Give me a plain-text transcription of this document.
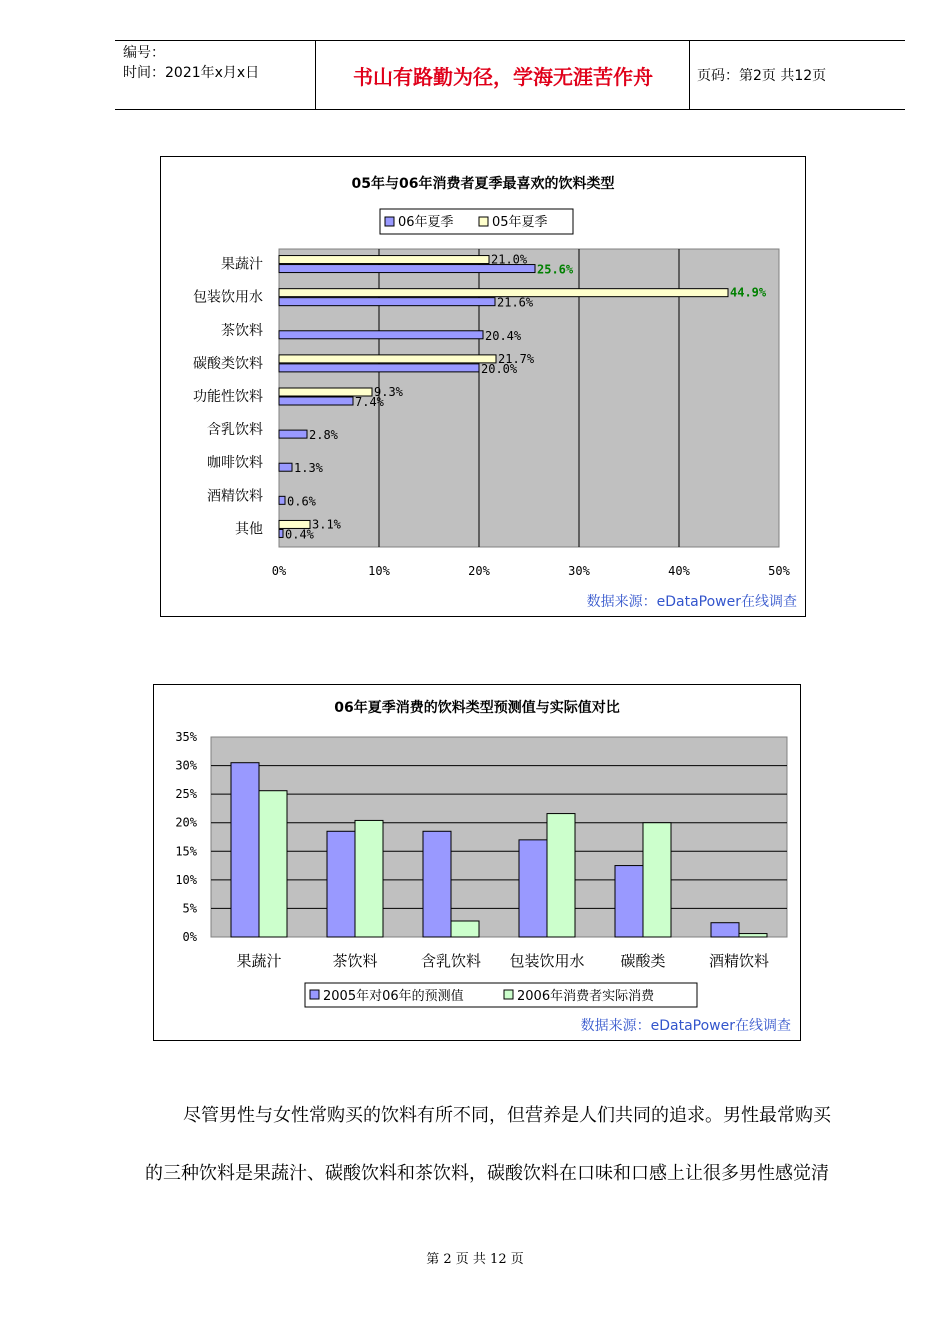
编号：
时间：2021年x月x日	书山有路勤为径，学海无涯苦作舟	页码：第2页 共12页
05年与06年消费者夏季最喜欢的饮料类型
06年夏季	05年夏季
0%	10%	20%	30%	40%	50%
果蔬汁	21.0%
25.6%
包装饮用水	44.9%
21.6%
茶饮料	20.4%
碳酸类饮料	21.7%
20.0%
功能性饮料	9.3%
7.4%
含乳饮料	2.8%
咖啡饮料	1.3%
酒精饮料 0.6%
其他	3.1%
0.4%
数据来源：eDataPower在线调查
06年夏季消费的饮料类型预测值与实际值对比
0%
5%
10%
15%
20%
25%
30%
35%
果蔬汁	茶饮料	含乳饮料 包装饮用水 碳酸类	酒精饮料
2005年对06年的预测值	2006年消费者实际消费
数据来源：eDataPower在线调查
尽管男性与女性常购买的饮料有所不同，但营养是人们共同的追求。男性最常购买
的三种饮料是果蔬汁、碳酸饮料和茶饮料，碳酸饮料在口味和口感上让很多男性感觉清
第 2 页 共 12 页
